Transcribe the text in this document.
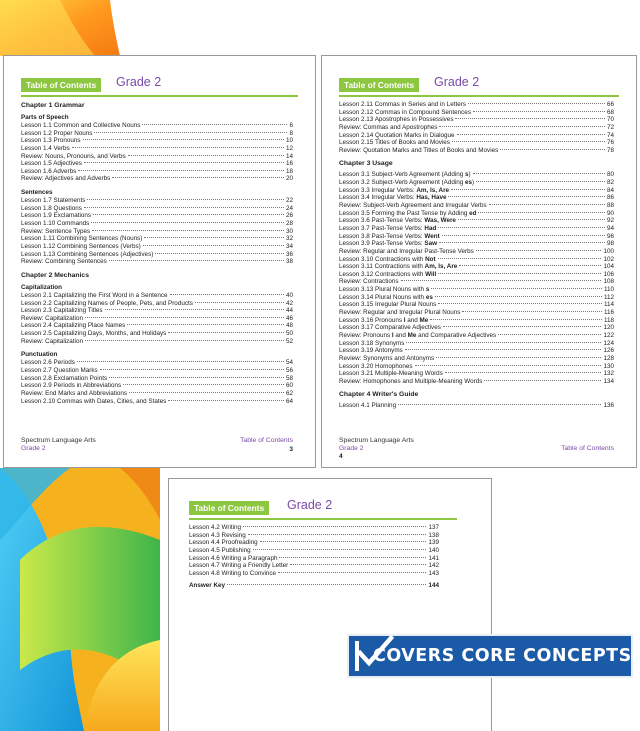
Table of Contents	Grade 2
Chapter 1 Grammar
Parts of Speech
Lesson 1.1 Common and Collective Nouns	6
Lesson 1.2 Proper Nouns	8
Lesson 1.3 Pronouns	10
Lesson 1.4 Verbs	12
Review: Nouns, Pronouns, and Verbs	14
Lesson 1.5 Adjectives	16
Lesson 1.6 Adverbs	18
Review: Adjectives and Adverbs	20
Sentences
Lesson 1.7 Statements	22
Lesson 1.8 Questions	24
Lesson 1.9 Exclamations	26
Lesson 1.10 Commands	28
Review: Sentence Types	30
Lesson 1.11 Combining Sentences (Nouns)	32
Lesson 1.12 Combining Sentences (Verbs)	34
Lesson 1.13 Combining Sentences (Adjectives)	36
Review: Combining Sentences	38
Chapter 2 Mechanics
Capitalization
Lesson 2.1 Capitalizing the First Word in a Sentence	40
Lesson 2.2 Capitalizing Names of People, Pets, and Products	42
Lesson 2.3 Capitalizing Titles	44
Review: Capitalization	46
Lesson 2.4 Capitalizing Place Names	48
Lesson 2.5 Capitalizing Days, Months, and Holidays	50
Review: Capitalization	52
Punctuation
Lesson 2.6 Periods	54
Lesson 2.7 Question Marks	56
Lesson 2.8 Exclamation Points	58
Lesson 2.9 Periods in Abbreviations	60
Review: End Marks and Abbreviations	62
Lesson 2.10 Commas with Dates, Cities, and States	64
Spectrum Language Arts
Grade 2
Table of Contents
3
Table of Contents	Grade 2
Lesson 2.11 Commas in Series and in Letters	66
Lesson 2.12 Commas in Compound Sentences	68
Lesson 2.13 Apostrophes in Possessives	70
Review: Commas and Apostrophes	72
Lesson 2.14 Quotation Marks in Dialogue	74
Lesson 2.15 Titles of Books and Movies	76
Review: Quotation Marks and Titles of Books and Movies	78
Chapter 3 Usage
Lesson 3.1 Subject-Verb Agreement (Adding s)	80
Lesson 3.2 Subject-Verb Agreement (Adding es)	82
Lesson 3.3 Irregular Verbs: Am, Is, Are	84
Lesson 3.4 Irregular Verbs: Has, Have	86
Review: Subject-Verb Agreement and Irregular Verbs	88
Lesson 3.5 Forming the Past Tense by Adding ed	90
Lesson 3.6 Past-Tense Verbs: Was, Were	92
Lesson 3.7 Past-Tense Verbs: Had	94
Lesson 3.8 Past-Tense Verbs: Went	96
Lesson 3.9 Past-Tense Verbs: Saw	98
Review: Regular and Irregular Past-Tense Verbs	100
Lesson 3.10 Contractions with Not	102
Lesson 3.11 Contractions with Am, Is, Are	104
Lesson 3.12 Contractions with Will	106
Review: Contractions	108
Lesson 3.13 Plural Nouns with s	110
Lesson 3.14 Plural Nouns with es	112
Lesson 3.15 Irregular Plural Nouns	114
Review: Regular and Irregular Plural Nouns	116
Lesson 3.16 Pronouns I and Me	118
Lesson 3.17 Comparative Adjectives	120
Review: Pronouns I and Me and Comparative Adjectives	122
Lesson 3.18 Synonyms	124
Lesson 3.19 Antonyms	126
Review: Synonyms and Antonyms	128
Lesson 3.20 Homophones	130
Lesson 3.21 Multiple-Meaning Words	132
Review: Homophones and Multiple-Meaning Words	134
Chapter 4 Writer's Guide
Lesson 4.1 Planning	136
Spectrum Language Arts
Grade 2
4
Table of Contents
Table of Contents	Grade 2
Lesson 4.2 Writing	137
Lesson 4.3 Revising	138
Lesson 4.4 Proofreading	139
Lesson 4.5 Publishing	140
Lesson 4.6 Writing a Paragraph	141
Lesson 4.7 Writing a Friendly Letter	142
Lesson 4.8 Writing to Convince	143
Answer Key	144
COVERS CORE CONCEPTS
